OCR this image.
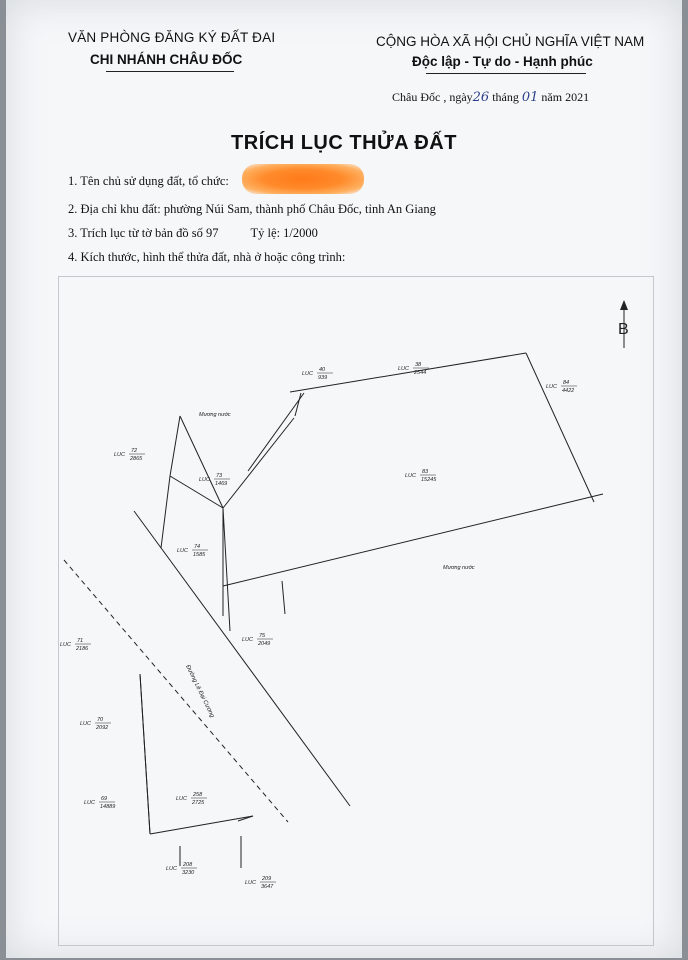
VĂN PHÒNG ĐĂNG KÝ ĐẤT ĐAI
CHI NHÁNH CHÂU ĐỐC
CỘNG HÒA XÃ HỘI CHỦ NGHĨA VIỆT NAM
Độc lập - Tự do - Hạnh phúc
Châu Đốc , ngày26 tháng 01 năm 2021
TRÍCH LỤC THỬA ĐẤT
1. Tên chủ sử dụng đất, tổ chức:
2. Địa chỉ khu đất: phường Núi Sam, thành phố Châu Đốc, tỉnh An Giang
3. Trích lục từ tờ bản đồ số 97	Tỷ lệ: 1/2000
4. Kích thước, hình thể thửa đất, nhà ở hoặc công trình:
B
Mương nước
Mương nước
Đường Lê Đại Cương
LUC
40
939
LUC
38
2544
LUC
84
4422
LUC
72
2865
LUC
73
1469
LUC
83
15245
LUC
74
1585
LUC
71
2186
LUC
75
2049
LUC
70
2092
LUC
69
14889
LUC
258
2725
LUC
208
3230
LUC
209
3647
